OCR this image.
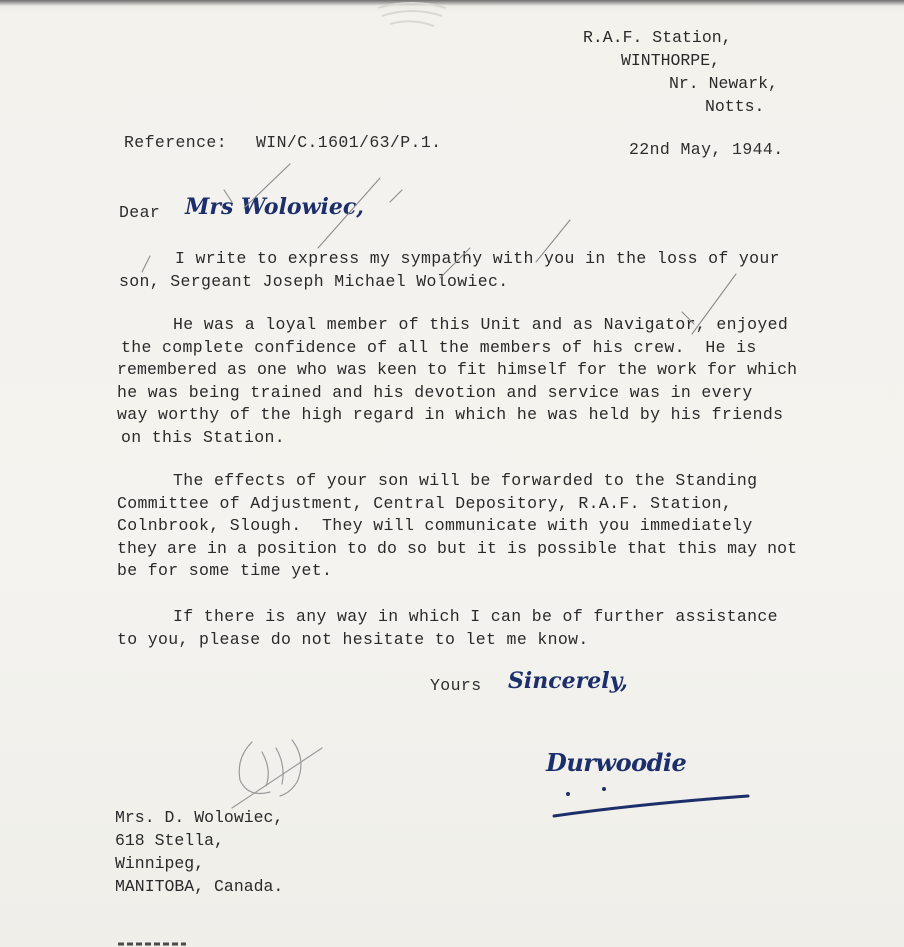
R.A.F. Station,
WINTHORPE,
Nr. Newark,
Notts.

Reference: WIN/C.1601/63/P.1.	22nd May, 1944.

Dear Mrs Wolowiec,

I write to express my sympathy with you in the loss of your
son, Sergeant Joseph Michael Wolowiec.
He was a loyal member of this Unit and as Navigator, enjoyed
the complete confidence of all the members of his crew.  He is
remembered as one who was keen to fit himself for the work for which
he was being trained and his devotion and service was in every
way worthy of the high regard in which he was held by his friends
on this Station.
The effects of your son will be forwarded to the Standing
Committee of Adjustment, Central Depository, R.A.F. Station,
Colnbrook, Slough.  They will communicate with you immediately
they are in a position to do so but it is possible that this may not
be for some time yet.
If there is any way in which I can be of further assistance
to you, please do not hesitate to let me know.

Yours Sincerely,

Durwoodie

Mrs. D. Wolowiec,
618 Stella,
Winnipeg,
MANITOBA, Canada.
